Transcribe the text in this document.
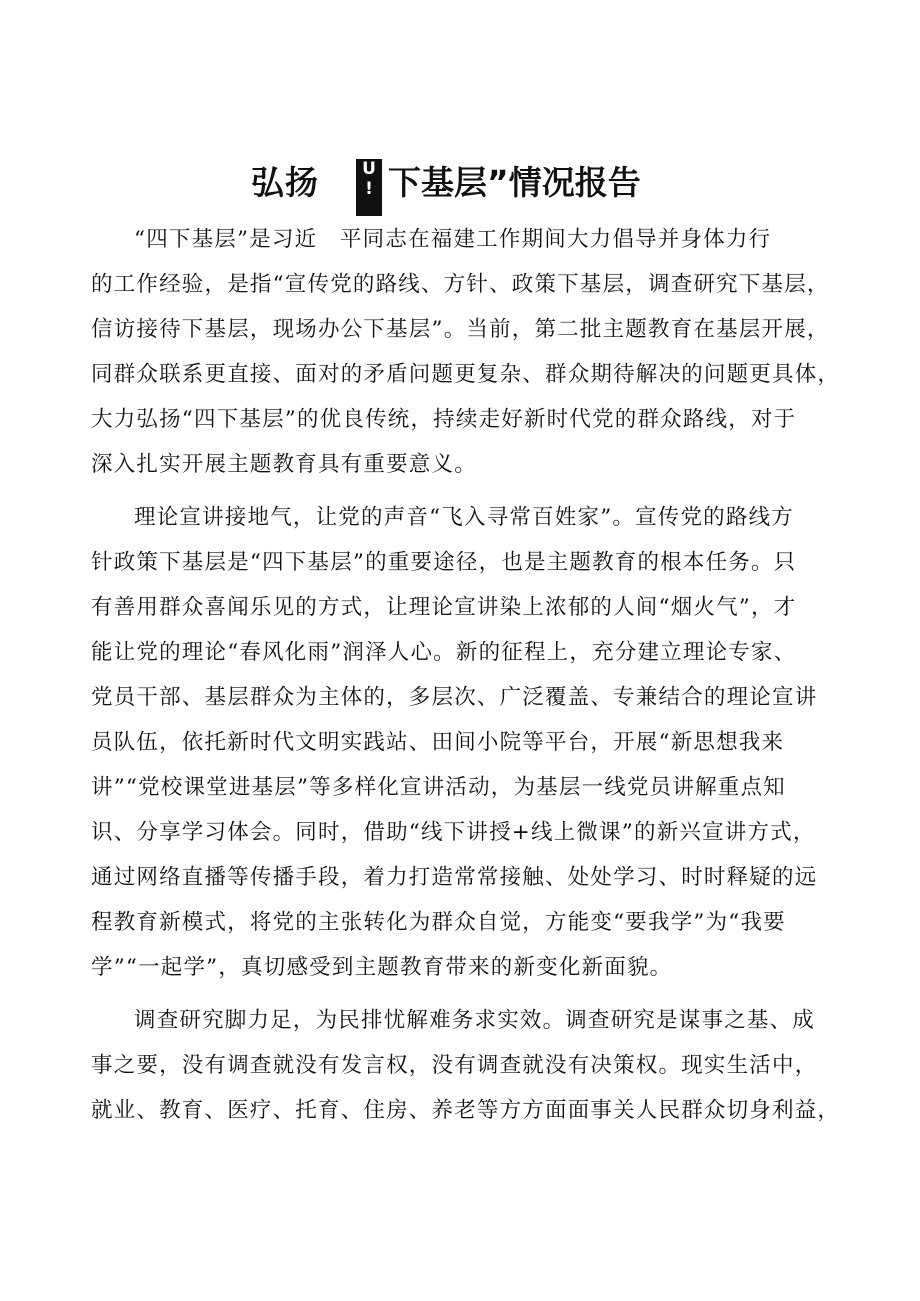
弘扬	U
! 下基层”情况报告

“四下基层”是习近　平同志在福建工作期间大力倡导并身体力行
的工作经验，是指“宣传党的路线、方针、政策下基层，调查研究下基层，
信访接待下基层，现场办公下基层”。当前，第二批主题教育在基层开展，
同群众联系更直接、面对的矛盾问题更复杂、群众期待解决的问题更具体，
大力弘扬“四下基层”的优良传统，持续走好新时代党的群众路线，对于
深入扎实开展主题教育具有重要意义。

理论宣讲接地气，让党的声音“飞入寻常百姓家”。宣传党的路线方
针政策下基层是“四下基层”的重要途径，也是主题教育的根本任务。只
有善用群众喜闻乐见的方式，让理论宣讲染上浓郁的人间“烟火气”，才
能让党的理论“春风化雨”润泽人心。新的征程上，充分建立理论专家、
党员干部、基层群众为主体的，多层次、广泛覆盖、专兼结合的理论宣讲
员队伍，依托新时代文明实践站、田间小院等平台，开展“新思想我来
讲”“党校课堂进基层”等多样化宣讲活动，为基层一线党员讲解重点知
识、分享学习体会。同时，借助“线下讲授+线上微课”的新兴宣讲方式，
通过网络直播等传播手段，着力打造常常接触、处处学习、时时释疑的远
程教育新模式，将党的主张转化为群众自觉，方能变“要我学”为“我要
学”“一起学”，真切感受到主题教育带来的新变化新面貌。

调查研究脚力足，为民排忧解难务求实效。调查研究是谋事之基、成
事之要，没有调查就没有发言权，没有调查就没有决策权。现实生活中，
就业、教育、医疗、托育、住房、养老等方方面面事关人民群众切身利益，
